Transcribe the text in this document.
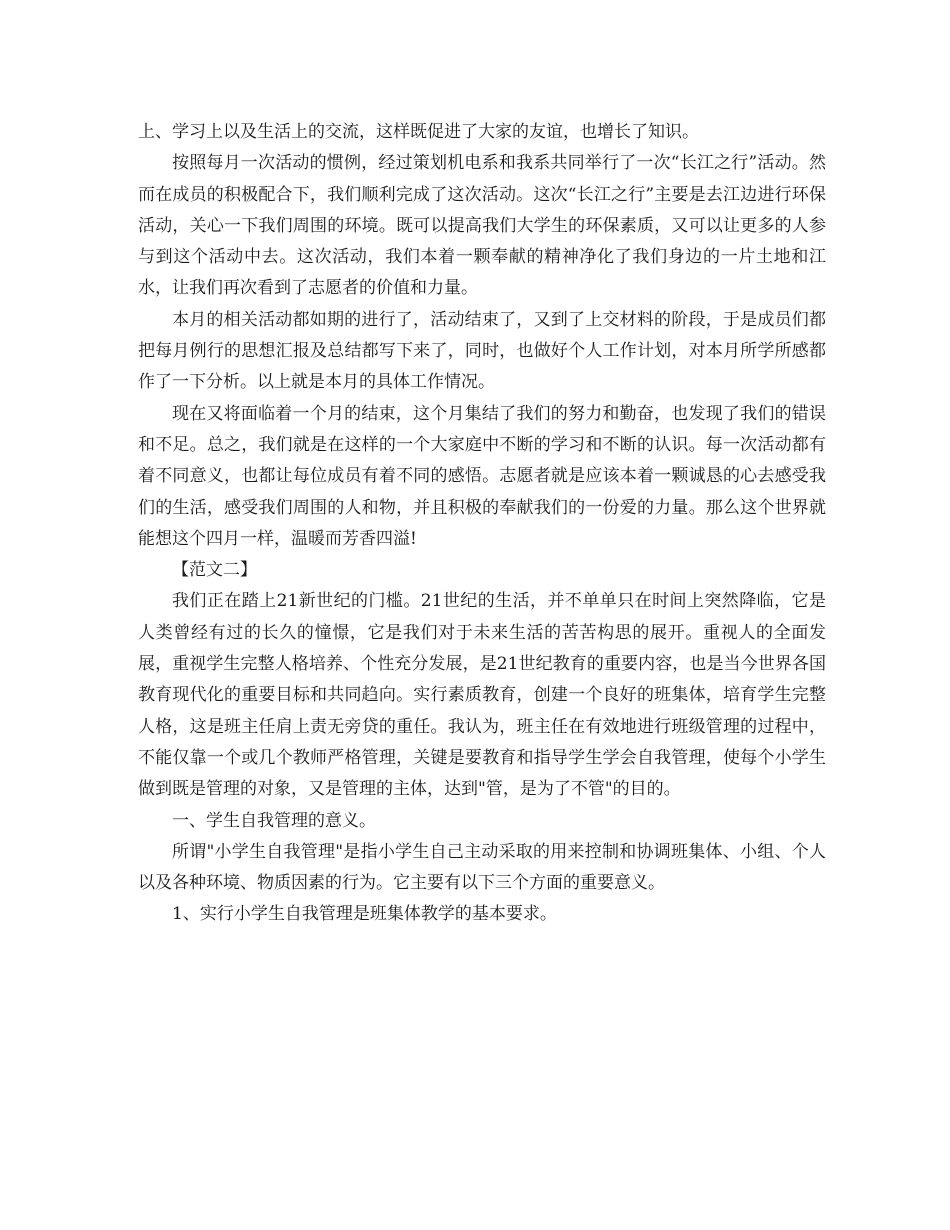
上、学习上以及生活上的交流，这样既促进了大家的友谊，也增长了知识。

按照每月一次活动的惯例，经过策划机电系和我系共同举行了一次“长江之行”活动。然而在成员的积极配合下，我们顺利完成了这次活动。这次“长江之行”主要是去江边进行环保活动，关心一下我们周围的环境。既可以提高我们大学生的环保素质，又可以让更多的人参与到这个活动中去。这次活动，我们本着一颗奉献的精神净化了我们身边的一片土地和江水，让我们再次看到了志愿者的价值和力量。

本月的相关活动都如期的进行了，活动结束了，又到了上交材料的阶段，于是成员们都把每月例行的思想汇报及总结都写下来了，同时，也做好个人工作计划，对本月所学所感都作了一下分析。以上就是本月的具体工作情况。

现在又将面临着一个月的结束，这个月集结了我们的努力和勤奋，也发现了我们的错误和不足。总之，我们就是在这样的一个大家庭中不断的学习和不断的认识。每一次活动都有着不同意义，也都让每位成员有着不同的感悟。志愿者就是应该本着一颗诚恳的心去感受我们的生活，感受我们周围的人和物，并且积极的奉献我们的一份爱的力量。那么这个世界就能想这个四月一样，温暖而芳香四溢!

【范文二】

我们正在踏上21新世纪的门槛。21世纪的生活，并不单单只在时间上突然降临，它是人类曾经有过的长久的憧憬，它是我们对于未来生活的苦苦构思的展开。重视人的全面发展，重视学生完整人格培养、个性充分发展，是21世纪教育的重要内容，也是当今世界各国教育现代化的重要目标和共同趋向。实行素质教育，创建一个良好的班集体，培育学生完整人格，这是班主任肩上责无旁贷的重任。我认为，班主任在有效地进行班级管理的过程中，不能仅靠一个或几个教师严格管理，关键是要教育和指导学生学会自我管理，使每个小学生做到既是管理的对象，又是管理的主体，达到"管，是为了不管"的目的。

一、学生自我管理的意义。

所谓"小学生自我管理"是指小学生自己主动采取的用来控制和协调班集体、小组、个人以及各种环境、物质因素的行为。它主要有以下三个方面的重要意义。

1、实行小学生自我管理是班集体教学的基本要求。
